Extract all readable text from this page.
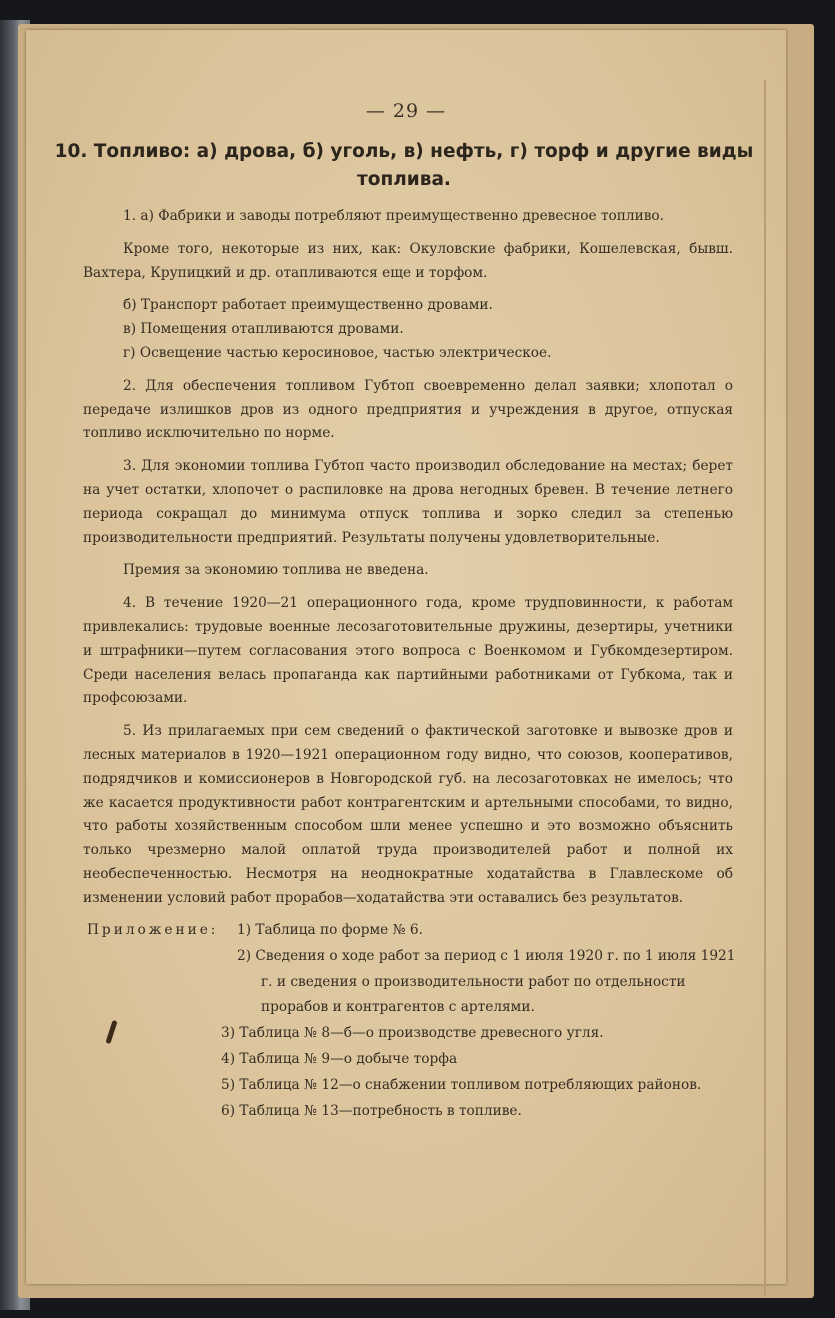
— 29 —
10. Топливо: а) дрова, б) уголь, в) нефть, г) торф и другие виды топлива.

1. а) Фабрики и заводы потребляют преимущественно древесное топливо.

Кроме того, некоторые из них, как: Окуловские фабрики, Кошелевская, бывш. Вахтера, Крупицкий и др. отапливаются еще и торфом.

б) Транспорт работает преимущественно дровами.

в) Помещения отапливаются дровами.

г) Освещение частью керосиновое, частью электрическое.

2. Для обеспечения топливом Губтоп своевременно делал заявки; хлопотал о передаче излишков дров из одного предприятия и учреждения в другое, отпуская топливо исключительно по норме.

3. Для экономии топлива Губтоп часто производил обследование на местах; берет на учет остатки, хлопочет о распиловке на дрова негодных бревен. В течение летнего периода сокращал до минимума отпуск топлива и зорко следил за степенью производительности предприятий. Результаты получены удовлетворительные.

Премия за экономию топлива не введена.

4. В течение 1920—21 операционного года, кроме трудповинности, к работам привлекались: трудовые военные лесозаготовительные дружины, дезертиры, учетники и штрафники—путем согласования этого вопроса с Военкомом и Губкомдезертиром. Среди населения велась пропаганда как партийными работниками от Губкома, так и профсоюзами.

5. Из прилагаемых при сем сведений о фактической заготовке и вывозке дров и лесных материалов в 1920—1921 операционном году видно, что союзов, кооперативов, подрядчиков и комиссионеров в Новгородской губ. на лесозаготовках не имелось; что же касается продуктивности работ контрагентским и артельными способами, то видно, что работы хозяйственным способом шли менее успешно и это возможно объяснить только чрезмерно малой оплатой труда производителей работ и полной их необеспеченностью. Несмотря на неоднократные ходатайства в Главлескоме об изменении условий работ прорабов—ходатайства эти оставались без результатов.

Приложение: 1) Таблица по форме № 6.
2) Сведения о ходе работ за период с 1 июля 1920 г. по 1 июля 1921 г. и сведения о производительности работ по отдельности прорабов и контрагентов с артелями.
3) Таблица № 8—б—о производстве древесного угля.
4) Таблица № 9—о добыче торфа
5) Таблица № 12—о снабжении топливом потребляющих районов.
6) Таблица № 13—потребность в топливе.
